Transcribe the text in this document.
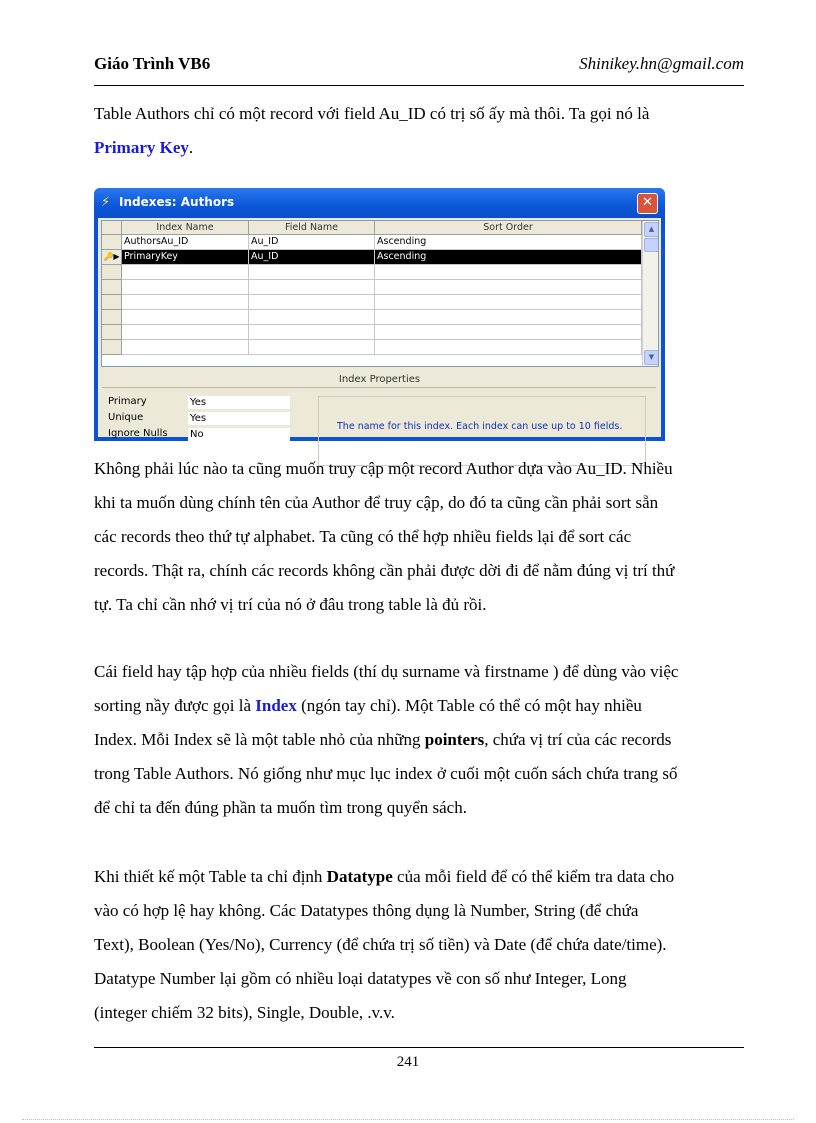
Giáo Trình VB6	Shinikey.hn@gmail.com

Table Authors chỉ có một record với field Au_ID có trị số ấy mà thôi. Ta gọi nó là
Primary Key.

⚡ Indexes: Authors	✕
Index Name	Field Name	Sort Order
AuthorsAu_ID	Au_ID	Ascending
🔑▶ PrimaryKey	Au_ID	Ascending
▲
▼
Index Properties
Primary	Yes
Unique	Yes
Ignore Nulls No
The name for this index. Each index can use up to 10 fields.

Không phải lúc nào ta cũng muốn truy cập một record Author dựa vào Au_ID. Nhiều
khi ta muốn dùng chính tên của Author để truy cập, do đó ta cũng cần phải sort sẵn
các records theo thứ tự alphabet. Ta cũng có thể hợp nhiều fields lại để sort các
records. Thật ra, chính các records không cần phải được dời đi để nằm đúng vị trí thứ
tự. Ta chỉ cần nhớ vị trí của nó ở đâu trong table là đủ rồi.

Cái field hay tập hợp của nhiều fields (thí dụ surname và firstname ) để dùng vào việc
sorting nầy được gọi là Index (ngón tay chỉ). Một Table có thể có một hay nhiều
Index. Mỗi Index sẽ là một table nhỏ của những pointers, chứa vị trí của các records
trong Table Authors. Nó giống như mục lục index ở cuối một cuốn sách chứa trang số
để chỉ ta đến đúng phần ta muốn tìm trong quyển sách.

Khi thiết kế một Table ta chỉ định Datatype của mỗi field để có thể kiểm tra data cho
vào có hợp lệ hay không. Các Datatypes thông dụng là Number, String (để chứa
Text), Boolean (Yes/No), Currency (để chứa trị số tiền) và Date (để chứa date/time).
Datatype Number lại gồm có nhiều loại datatypes về con số như Integer, Long
(integer chiếm 32 bits), Single, Double, .v.v.

241
